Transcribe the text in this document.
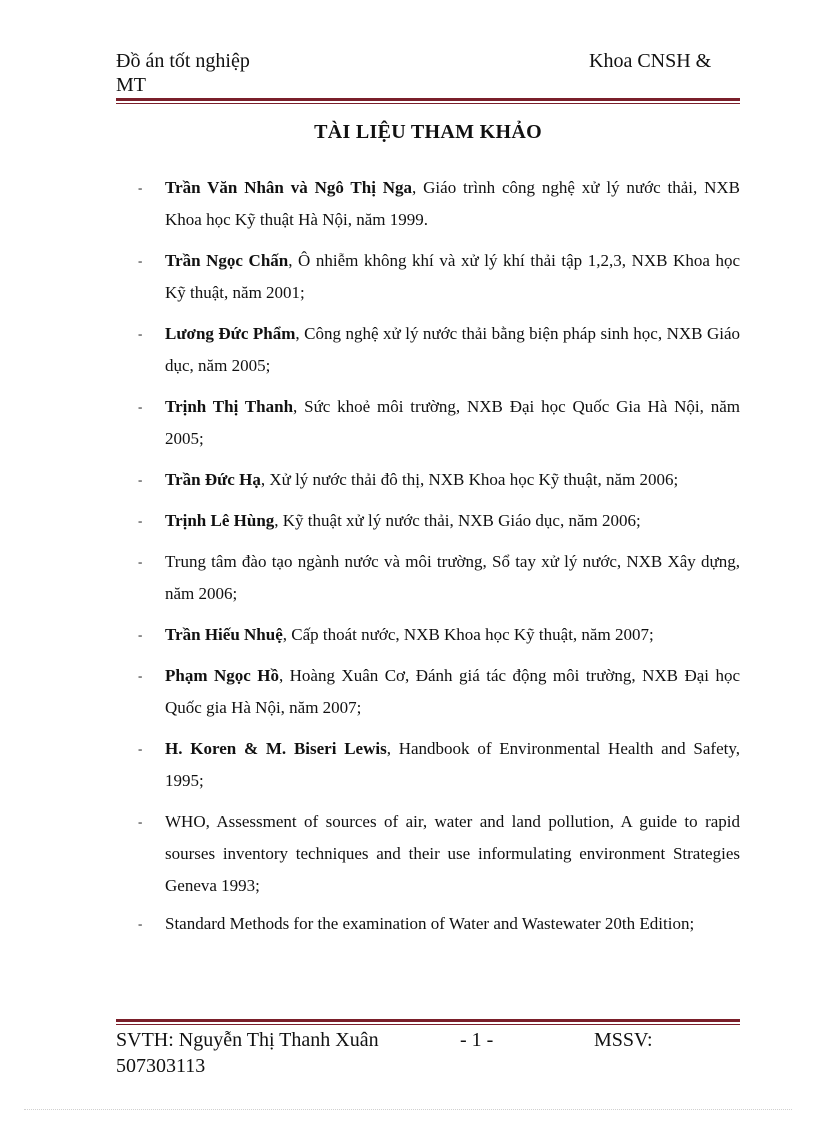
Đồ án tốt nghiệp
MT
Khoa CNSH &
TÀI LIỆU THAM KHẢO
- Trần Văn Nhân và Ngô Thị Nga, Giáo trình công nghệ xử lý nước thải, NXB Khoa học Kỹ thuật Hà Nội, năm 1999.
- Trần Ngọc Chấn, Ô nhiễm không khí và xử lý khí thải tập 1,2,3, NXB Khoa học Kỹ thuật, năm 2001;
- Lương Đức Phẩm, Công nghệ xử lý nước thải bằng biện pháp sinh học, NXB Giáo dục, năm 2005;
- Trịnh Thị Thanh, Sức khoẻ môi trường, NXB Đại học Quốc Gia Hà Nội, năm 2005;
- Trần Đức Hạ, Xử lý nước thải đô thị, NXB Khoa học Kỹ thuật, năm 2006;
- Trịnh Lê Hùng, Kỹ thuật xử lý nước thải, NXB Giáo dục, năm 2006;
- Trung tâm đào tạo ngành nước và môi trường, Sổ tay xử lý nước, NXB Xây dựng, năm 2006;
- Trần Hiếu Nhuệ, Cấp thoát nước, NXB Khoa học Kỹ thuật, năm 2007;
- Phạm Ngọc Hồ, Hoàng Xuân Cơ, Đánh giá tác động môi trường, NXB Đại học Quốc gia Hà Nội, năm 2007;
- H. Koren & M. Biseri Lewis, Handbook of Environmental Health and Safety, 1995;
- WHO, Assessment of sources of air, water and land pollution, A guide to rapid sourses inventory techniques and their use informulating environment Strategies Geneva 1993;
- Standard Methods for the examination of Water and Wastewater 20th Edition;
SVTH: Nguyễn Thị Thanh Xuân	- 1 -	MSSV:
507303113
